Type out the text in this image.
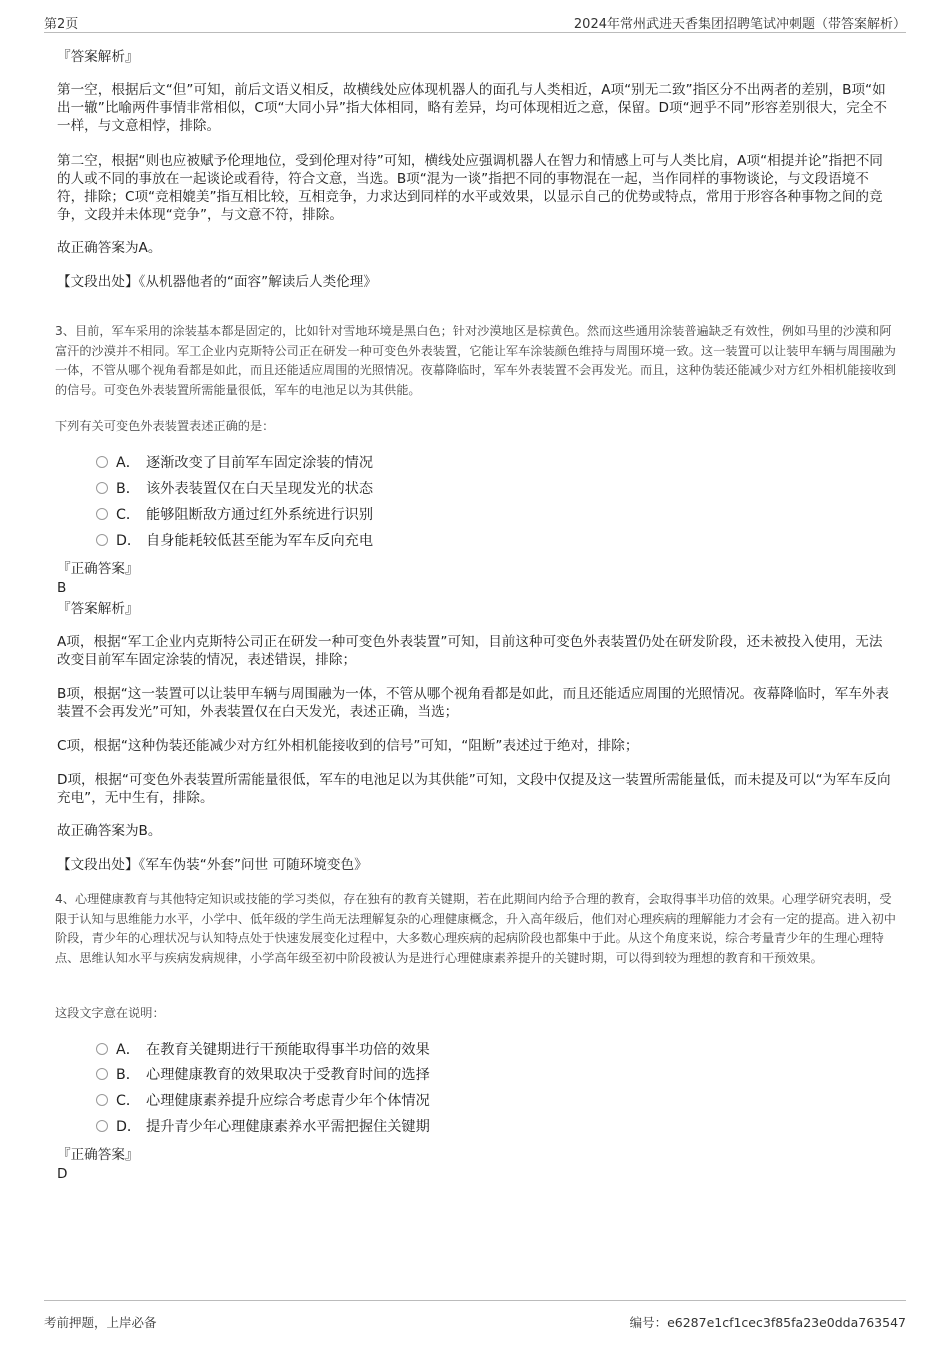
第2页	2024年常州武进天香集团招聘笔试冲刺题（带答案解析）
『答案解析』
第一空，根据后文“但”可知，前后文语义相反，故横线处应体现机器人的面孔与人类相近，A项“别无二致”指区分不出两者的差别，B项“如出一辙”比喻两件事情非常相似，C项“大同小异”指大体相同，略有差异，均可体现相近之意，保留。D项“迥乎不同”形容差别很大，完全不一样，与文意相悖，排除。
第二空，根据“则也应被赋予伦理地位，受到伦理对待”可知，横线处应强调机器人在智力和情感上可与人类比肩，A项“相提并论”指把不同的人或不同的事放在一起谈论或看待，符合文意，当选。B项“混为一谈”指把不同的事物混在一起，当作同样的事物谈论，与文段语境不符，排除；C项“竞相媲美”指互相比较，互相竞争，力求达到同样的水平或效果，以显示自己的优势或特点，常用于形容各种事物之间的竞争，文段并未体现“竞争”，与文意不符，排除。
故正确答案为A。
【文段出处】《从机器他者的“面容”解读后人类伦理》
3、目前，军车采用的涂装基本都是固定的，比如针对雪地环境是黑白色；针对沙漠地区是棕黄色。然而这些通用涂装普遍缺乏有效性，例如马里的沙漠和阿富汗的沙漠并不相同。军工企业内克斯特公司正在研发一种可变色外表装置，它能让军车涂装颜色维持与周围环境一致。这一装置可以让装甲车辆与周围融为一体，不管从哪个视角看都是如此，而且还能适应周围的光照情况。夜幕降临时，军车外表装置不会再发光。而且，这种伪装还能减少对方红外相机能接收到的信号。可变色外表装置所需能量很低，军车的电池足以为其供能。
下列有关可变色外表装置表述正确的是：
A． 逐渐改变了目前军车固定涂装的情况
B． 该外表装置仅在白天呈现发光的状态
C． 能够阻断敌方通过红外系统进行识别
D． 自身能耗较低甚至能为军车反向充电
『正确答案』
B
『答案解析』
A项，根据“军工企业内克斯特公司正在研发一种可变色外表装置”可知，目前这种可变色外表装置仍处在研发阶段，还未被投入使用，无法改变目前军车固定涂装的情况，表述错误，排除；
B项，根据“这一装置可以让装甲车辆与周围融为一体，不管从哪个视角看都是如此，而且还能适应周围的光照情况。夜幕降临时，军车外表装置不会再发光”可知，外表装置仅在白天发光，表述正确，当选；
C项，根据“这种伪装还能减少对方红外相机能接收到的信号”可知，“阻断”表述过于绝对，排除；
D项，根据“可变色外表装置所需能量很低，军车的电池足以为其供能”可知，文段中仅提及这一装置所需能量低，而未提及可以“为军车反向充电”，无中生有，排除。
故正确答案为B。
【文段出处】《军车伪装“外套”问世 可随环境变色》
4、心理健康教育与其他特定知识或技能的学习类似，存在独有的教育关键期，若在此期间内给予合理的教育，会取得事半功倍的效果。心理学研究表明，受限于认知与思维能力水平，小学中、低年级的学生尚无法理解复杂的心理健康概念，升入高年级后，他们对心理疾病的理解能力才会有一定的提高。进入初中阶段，青少年的心理状况与认知特点处于快速发展变化过程中，大多数心理疾病的起病阶段也都集中于此。从这个角度来说，综合考量青少年的生理心理特点、思维认知水平与疾病发病规律，小学高年级至初中阶段被认为是进行心理健康素养提升的关键时期，可以得到较为理想的教育和干预效果。
这段文字意在说明：
A． 在教育关键期进行干预能取得事半功倍的效果
B． 心理健康教育的效果取决于受教育时间的选择
C． 心理健康素养提升应综合考虑青少年个体情况
D． 提升青少年心理健康素养水平需把握住关键期
『正确答案』
D
考前押题，上岸必备	编号：e6287e1cf1cec3f85fa23e0dda763547
